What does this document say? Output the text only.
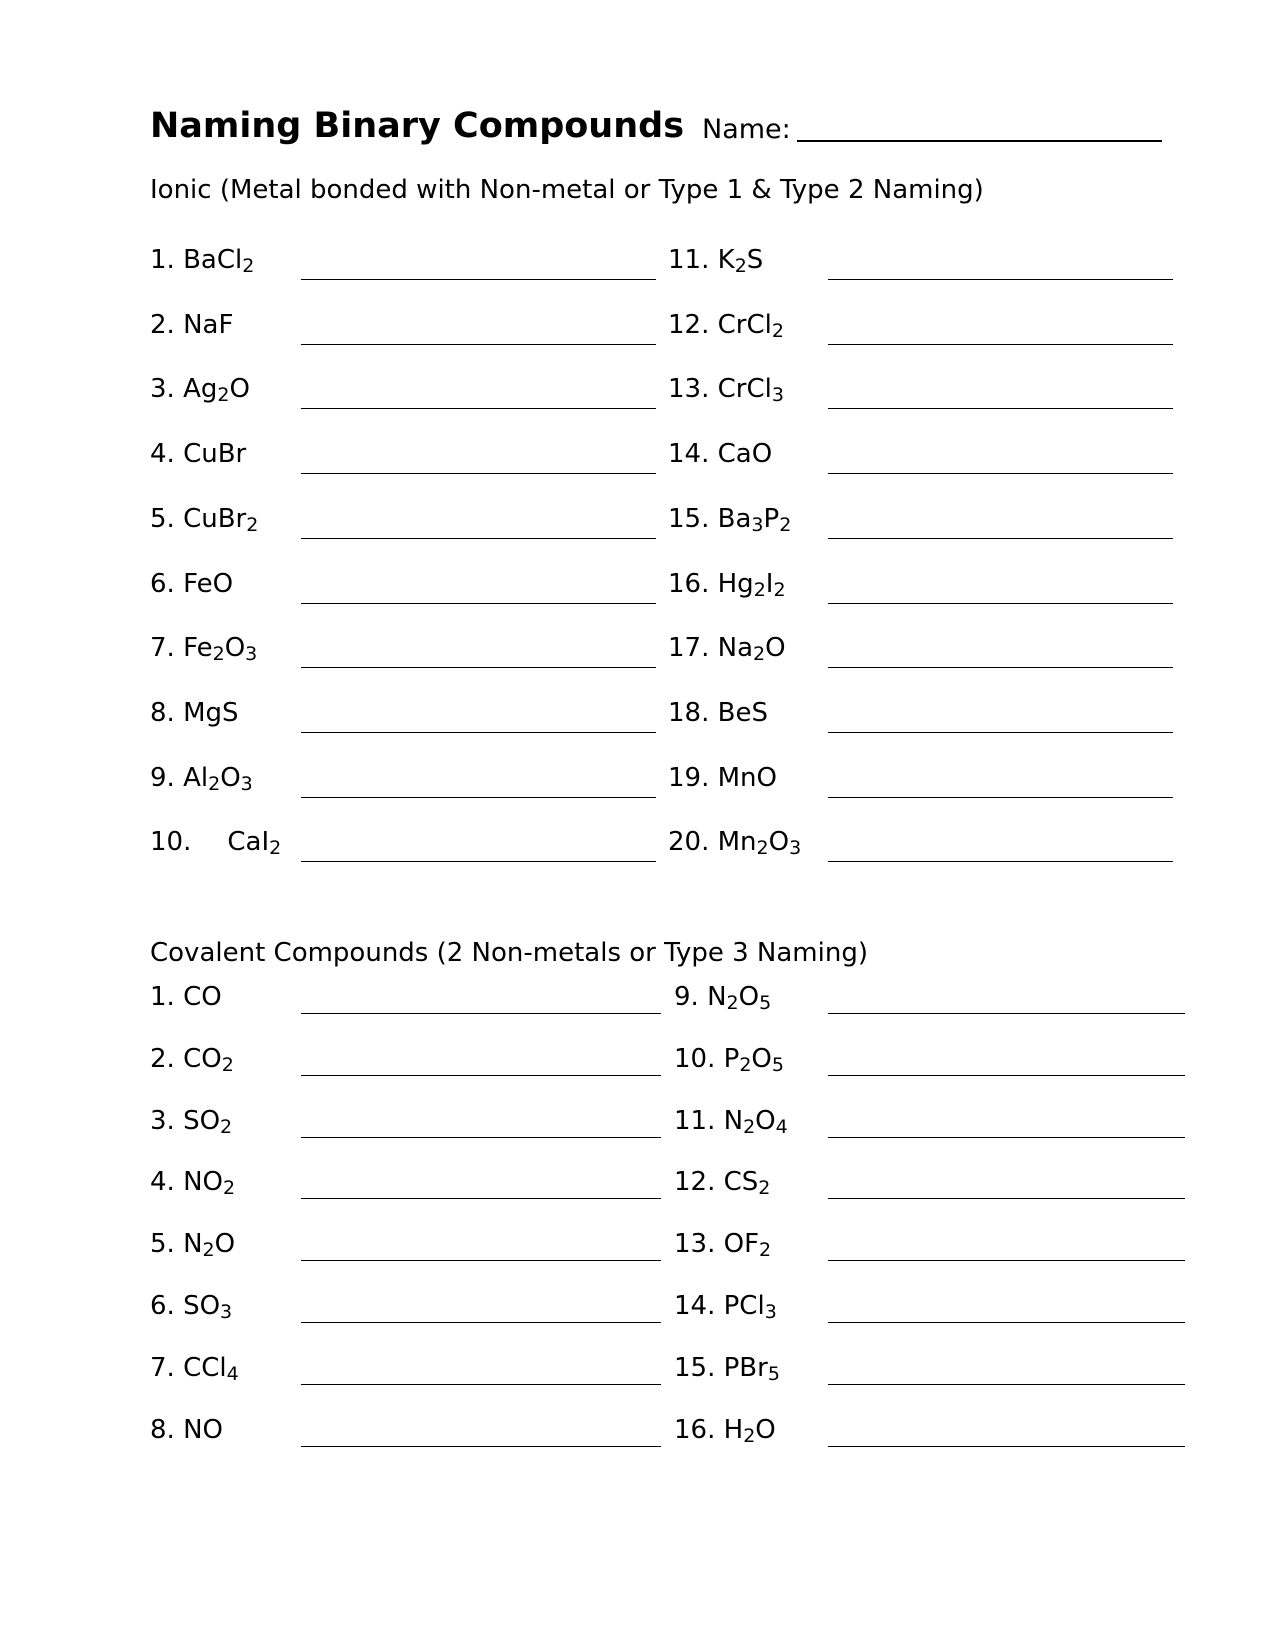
Naming Binary Compounds Name:
Ionic (Metal bonded with Non-metal or Type 1 & Type 2 Naming)
Covalent Compounds (2 Non-metals or Type 3 Naming)
1. BaCl$_2$
2. NaF
3. $Ag_2O$
4. CuBr
5. CuBr$_2$
6. FeO
7. $Fe_2O_3$
8. MgS
9. $Al_2O_3$
10. CaI$_2$
11. $K_2S$
12. CrCl$_2$
13. CrCl$_3$
14. CaO
15. $Ba_3P_2$
16. $Hg_2I_2$
17. $Na_2O$
18. BeS
19. MnO
20. $Mn_2O_3$
1. CO
2. $CO_2$
3. $SO_2$
4. $NO_2$
5. $N_2O$
6. $SO_3$
7. CCl$_4$
8. NO
9. $N_2O_5$
10. $P_2O_5$
11. $N_2O_4$
12. $CS_2$
13. $OF_2$
14. PCl$_3$
15. PBr$_5$
16. $H_2O$
